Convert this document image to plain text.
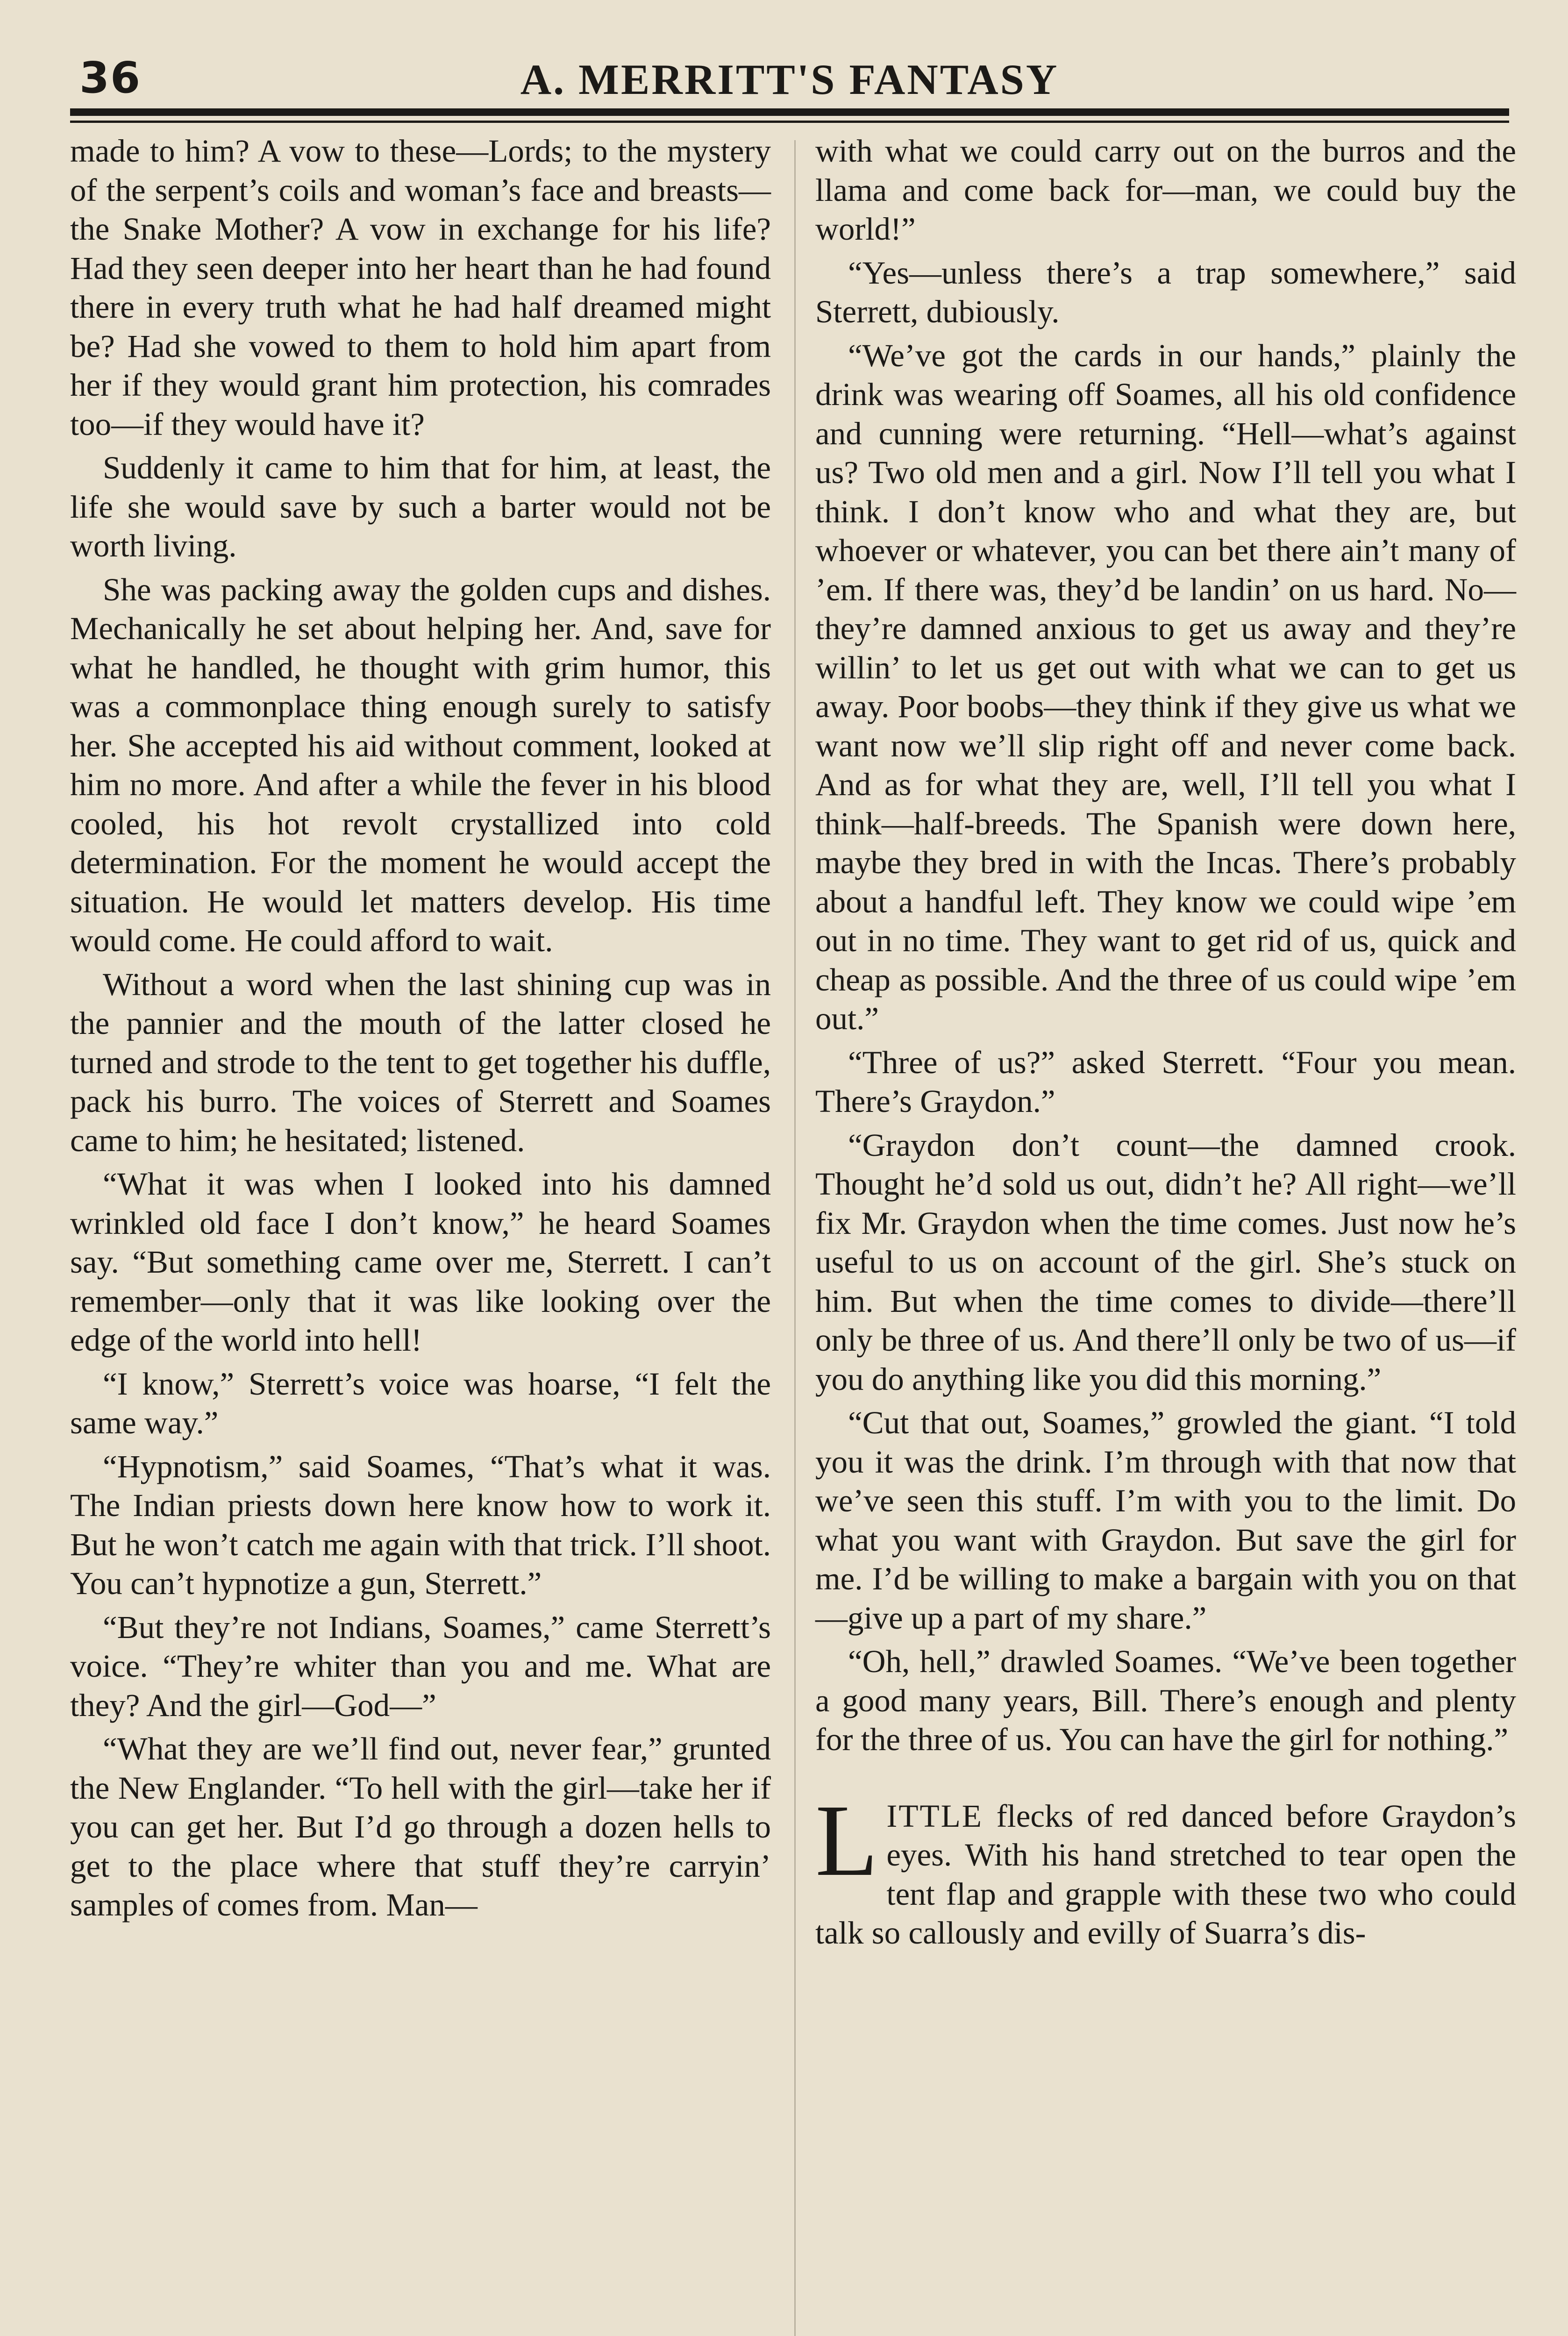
36	A. MERRITT'S FANTASY

made to him? A vow to these—Lords; to the mystery of the serpent’s coils and woman’s face and breasts—the Snake Mother? A vow in exchange for his life? Had they seen deeper into her heart than he had found there in every truth what he had half dreamed might be? Had she vowed to them to hold him apart from her if they would grant him protection, his comrades too—if they would have it?

Suddenly it came to him that for him, at least, the life she would save by such a barter would not be worth living.

She was packing away the golden cups and dishes. Mechanically he set about helping her. And, save for what he handled, he thought with grim humor, this was a commonplace thing enough surely to satisfy her. She accepted his aid without comment, looked at him no more. And after a while the fever in his blood cooled, his hot revolt crystallized into cold determination. For the moment he would accept the situation. He would let matters develop. His time would come. He could afford to wait.

Without a word when the last shining cup was in the pannier and the mouth of the latter closed he turned and strode to the tent to get together his duffle, pack his burro. The voices of Sterrett and Soames came to him; he hesitated; listened.

“What it was when I looked into his damned wrinkled old face I don’t know,” he heard Soames say. “But something came over me, Sterrett. I can’t remember—only that it was like looking over the edge of the world into hell!

“I know,” Sterrett’s voice was hoarse, “I felt the same way.”

“Hypnotism,” said Soames, “That’s what it was. The Indian priests down here know how to work it. But he won’t catch me again with that trick. I’ll shoot. You can’t hypnotize a gun, Sterrett.”

“But they’re not Indians, Soames,” came Sterrett’s voice. “They’re whiter than you and me. What are they? And the girl—God—”

“What they are we’ll find out, never fear,” grunted the New Englander. “To hell with the girl—take her if you can get her. But I’d go through a dozen hells to get to the place where that stuff they’re carryin’ samples of comes from. Man—

with what we could carry out on the burros and the llama and come back for—man, we could buy the world!”

“Yes—unless there’s a trap somewhere,” said Sterrett, dubiously.

“We’ve got the cards in our hands,” plainly the drink was wearing off Soames, all his old confidence and cunning were returning. “Hell—what’s against us? Two old men and a girl. Now I’ll tell you what I think. I don’t know who and what they are, but whoever or whatever, you can bet there ain’t many of ’em. If there was, they’d be landin’ on us hard. No—they’re damned anxious to get us away and they’re willin’ to let us get out with what we can to get us away. Poor boobs—they think if they give us what we want now we’ll slip right off and never come back. And as for what they are, well, I’ll tell you what I think—half-breeds. The Spanish were down here, maybe they bred in with the Incas. There’s probably about a handful left. They know we could wipe ’em out in no time. They want to get rid of us, quick and cheap as possible. And the three of us could wipe ’em out.”

“Three of us?” asked Sterrett. “Four you mean. There’s Graydon.”

“Graydon don’t count—the damned crook. Thought he’d sold us out, didn’t he? All right—we’ll fix Mr. Graydon when the time comes. Just now he’s useful to us on account of the girl. She’s stuck on him. But when the time comes to divide—there’ll only be three of us. And there’ll only be two of us—if you do anything like you did this morning.”

“Cut that out, Soames,” growled the giant. “I told you it was the drink. I’m through with that now that we’ve seen this stuff. I’m with you to the limit. Do what you want with Graydon. But save the girl for me. I’d be willing to make a bargain with you on that—give up a part of my share.”

“Oh, hell,” drawled Soames. “We’ve been together a good many years, Bill. There’s enough and plenty for the three of us. You can have the girl for nothing.”

LITTLE flecks of red danced before Graydon’s eyes. With his hand stretched to tear open the tent flap and grapple with these two who could talk so callously and evilly of Suarra’s dis-
